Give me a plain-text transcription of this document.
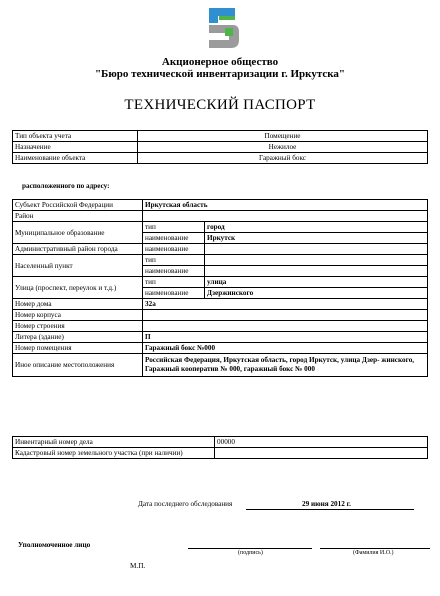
Акционерное общество
"Бюро технической инвентаризации г. Иркутска"
ТЕХНИЧЕСКИЙ ПАСПОРТ
Тип объекта учета	Помещение
Назначение	Нежилое
Наименование объекта	Гаражный бокс
расположенного по адресу:
Субъект Российской Федерации	Иркутская область	
Район		
Муниципальное образование	тип	город
	наименование	Иркутск
Административный район города	наименование	
Населенный пункт	тип	
	наименование	
Улица (проспект, переулок и т.д.)	тип	улица
	наименование	Дзержинского
Номер дома	32а	
Номер корпуса		
Номер строения		
Литера (здание)	П	
Номер помещения	Гаражный бокс №000	
Иное описание местоположения	Российская Федерация, Иркутская область, город Иркутск, улица Дзер- жинского, Гаражный кооператив № 000, гаражный бокс № 000	
Инвентарный номер дела	00000
Кадастровый номер земельного участка (при наличии)	
Дата последнего обследования	29 июня 2012 г.
Уполномоченное лицо
(подпись)	(Фамилия И.О.)
М.П.
